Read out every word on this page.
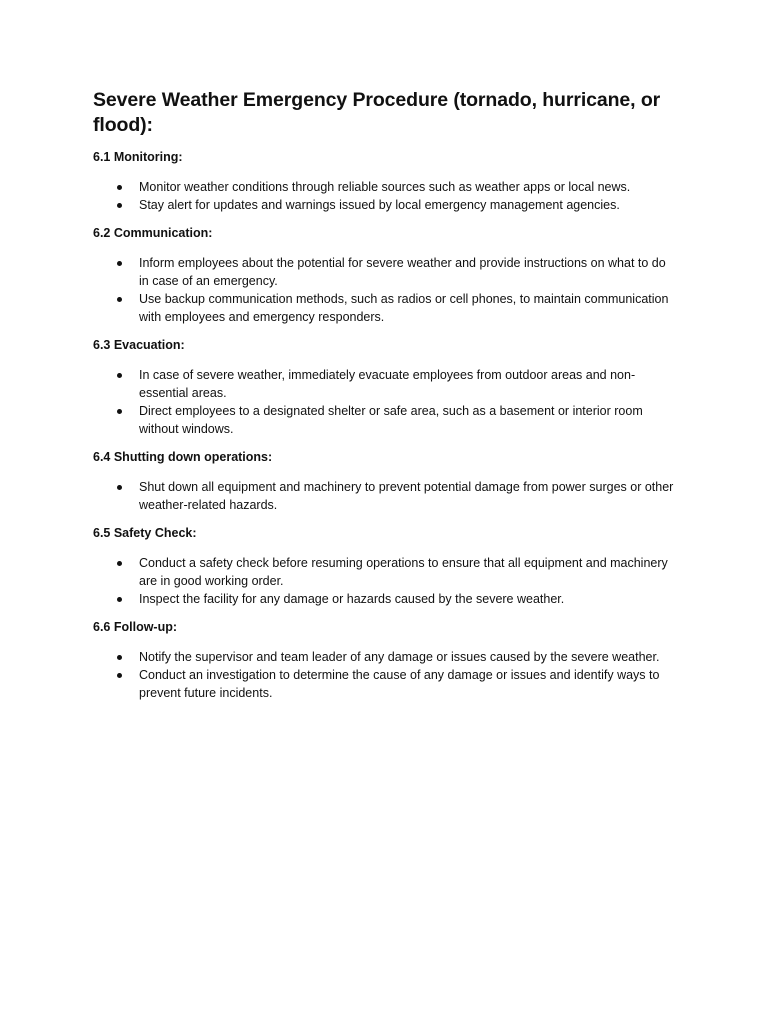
Severe Weather Emergency Procedure (tornado, hurricane, or flood):
6.1 Monitoring:
Monitor weather conditions through reliable sources such as weather apps or local news.
Stay alert for updates and warnings issued by local emergency management agencies.
6.2 Communication:
Inform employees about the potential for severe weather and provide instructions on what to do in case of an emergency.
Use backup communication methods, such as radios or cell phones, to maintain communication with employees and emergency responders.
6.3 Evacuation:
In case of severe weather, immediately evacuate employees from outdoor areas and non-essential areas.
Direct employees to a designated shelter or safe area, such as a basement or interior room without windows.
6.4 Shutting down operations:
Shut down all equipment and machinery to prevent potential damage from power surges or other weather-related hazards.
6.5 Safety Check:
Conduct a safety check before resuming operations to ensure that all equipment and machinery are in good working order.
Inspect the facility for any damage or hazards caused by the severe weather.
6.6 Follow-up:
Notify the supervisor and team leader of any damage or issues caused by the severe weather.
Conduct an investigation to determine the cause of any damage or issues and identify ways to prevent future incidents.
